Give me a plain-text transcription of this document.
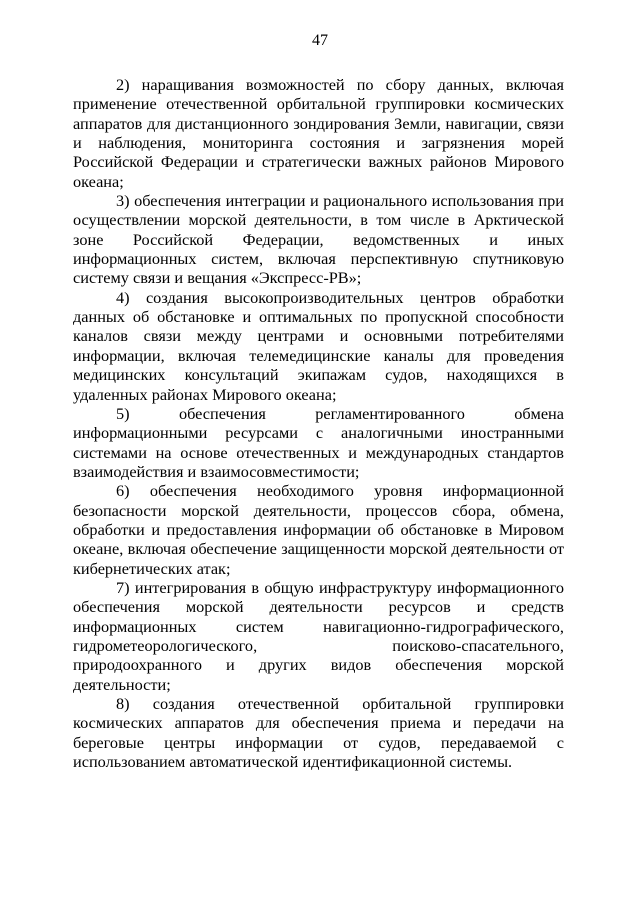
47

2) наращивания возможностей по сбору данных, включая применение отечественной орбитальной группировки космических аппаратов для дистанционного зондирования Земли, навигации, связи и наблюдения, мониторинга состояния и загрязнения морей Российской Федерации и стратегически важных районов Мирового океана;

3) обеспечения интеграции и рационального использования при осуществлении морской деятельности, в том числе в Арктической зоне Российской Федерации, ведомственных и иных информационных систем, включая перспективную спутниковую систему связи и вещания «Экспресс-РВ»;

4) создания высокопроизводительных центров обработки данных об обстановке и оптимальных по пропускной способности каналов связи между центрами и основными потребителями информации, включая телемедицинские каналы для проведения медицинских консультаций экипажам судов, находящихся в удаленных районах Мирового океана;

5) обеспечения регламентированного обмена информационными ресурсами с аналогичными иностранными системами на основе отечественных и международных стандартов взаимодействия и взаимосовместимости;

6) обеспечения необходимого уровня информационной безопасности морской деятельности, процессов сбора, обмена, обработки и предоставления информации об обстановке в Мировом океане, включая обеспечение защищенности морской деятельности от кибернетических атак;

7) интегрирования в общую инфраструктуру информационного обеспечения морской деятельности ресурсов и средств информационных систем навигационно-гидрографического, гидрометеорологического, поисково-спасательного, природоохранного и других видов обеспечения морской деятельности;

8) создания отечественной орбитальной группировки космических аппаратов для обеспечения приема и передачи на береговые центры информации от судов, передаваемой с использованием автоматической идентификационной системы.
